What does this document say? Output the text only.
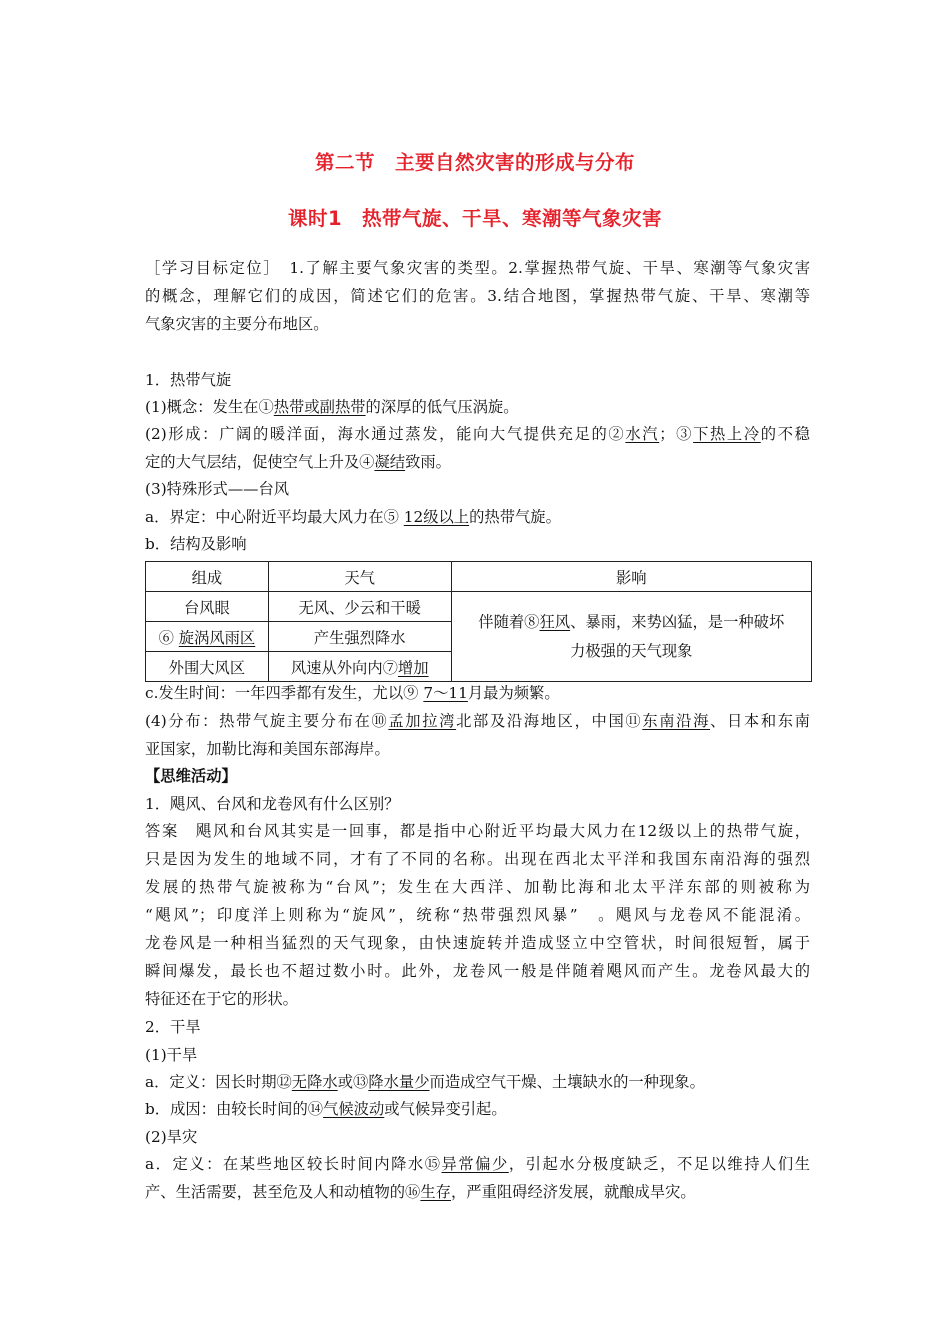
第二节　主要自然灾害的形成与分布
课时1　热带气旋、干旱、寒潮等气象灾害
［学习目标定位］　1.了解主要气象灾害的类型。2.掌握热带气旋、干旱、寒潮等气象灾害
的概念，理解它们的成因，简述它们的危害。3.结合地图，掌握热带气旋、干旱、寒潮等
气象灾害的主要分布地区。
1．热带气旋
(1)概念：发生在①热带或副热带的深厚的低气压涡旋。
(2)形成：广阔的暖洋面，海水通过蒸发，能向大气提供充足的②水汽；③下热上冷的不稳
定的大气层结，促使空气上升及④凝结致雨。
(3)特殊形式——台风
a．界定：中心附近平均最大风力在⑤ 12级以上的热带气旋。
b．结构及影响
组成	天气	影响
台风眼	无风、少云和干暖	伴随着⑧狂风、暴雨，来势凶猛，是一种破坏
力极强的天气现象

⑥ 旋涡风雨区	产生强烈降水	
外围大风区	风速从外向内⑦增加	
c.发生时间：一年四季都有发生，尤以⑨ 7～11月最为频繁。
(4)分布：热带气旋主要分布在⑩孟加拉湾北部及沿海地区，中国⑪东南沿海、日本和东南
亚国家，加勒比海和美国东部海岸。
【思维活动】
1．飓风、台风和龙卷风有什么区别？
答案　飓风和台风其实是一回事，都是指中心附近平均最大风力在12级以上的热带气旋，
只是因为发生的地域不同，才有了不同的名称。出现在西北太平洋和我国东南沿海的强烈
发展的热带气旋被称为“台风”；发生在大西洋、加勒比海和北太平洋东部的则被称为
“飓风”；印度洋上则称为“旋风”，统称“热带强烈风暴”　。飓风与龙卷风不能混淆。
龙卷风是一种相当猛烈的天气现象，由快速旋转并造成竖立中空管状，时间很短暂，属于
瞬间爆发，最长也不超过数小时。此外，龙卷风一般是伴随着飓风而产生。龙卷风最大的
特征还在于它的形状。
2．干旱
(1)干旱
a．定义：因长时期⑫无降水或⑬降水量少而造成空气干燥、土壤缺水的一种现象。
b．成因：由较长时间的⑭气候波动或气候异变引起。
(2)旱灾
a．定义：在某些地区较长时间内降水⑮异常偏少，引起水分极度缺乏，不足以维持人们生
产、生活需要，甚至危及人和动植物的⑯生存，严重阻碍经济发展，就酿成旱灾。
